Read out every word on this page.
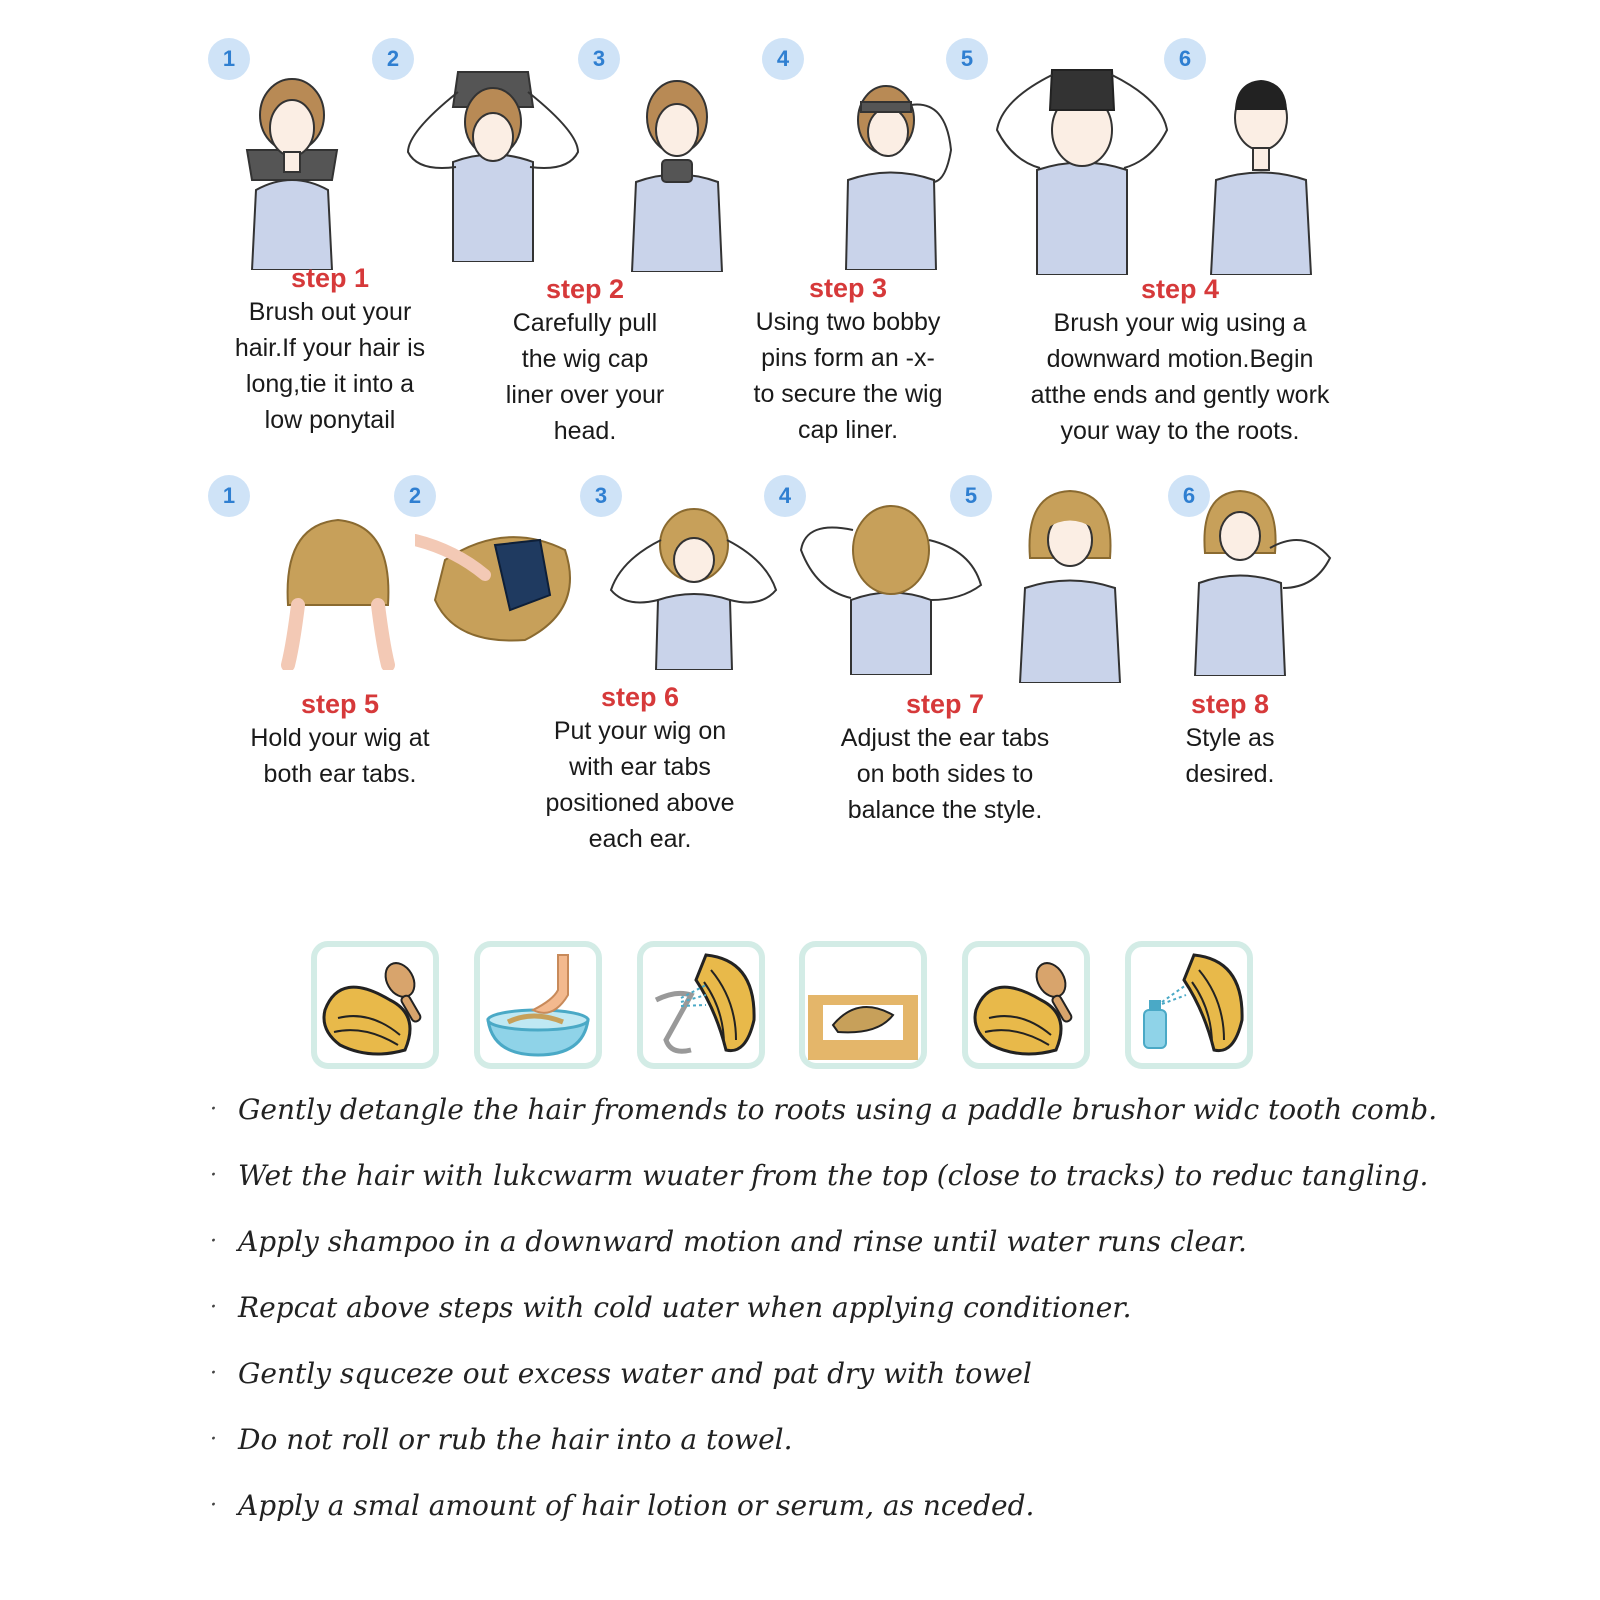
1	2	3	4	5	6
step 1
Brush out your
hair.If your hair is
long,tie it into a
low ponytail
step 2
Carefully pull
the wig cap
liner over your
head.
step 3
Using two bobby
pins form an -x-
to secure the wig
cap liner.
step 4
Brush your wig using a
downward motion.Begin
atthe ends and gently work
your way to the roots.
1	2	3	4	5	6
step 5
Hold your wig at
both ear tabs.
step 6
Put your wig on
with ear tabs
positioned above
each ear.
step 7
Adjust the ear tabs
on both sides to
balance the style.
step 8
Style as
desired.
· Gently detangle the hair fromends to roots using a paddle brushor widc tooth comb.
· Wet the hair with lukcwarm wuater from the top (close to tracks) to reduc tangling.
· Apply shampoo in a downward motion and rinse until water runs clear.
· Repcat above steps with cold uater when applying conditioner.
· Gently squceze out excess water and pat dry with towel
· Do not roll or rub the hair into a towel.
· Apply a smal amount of hair lotion or serum, as nceded.
